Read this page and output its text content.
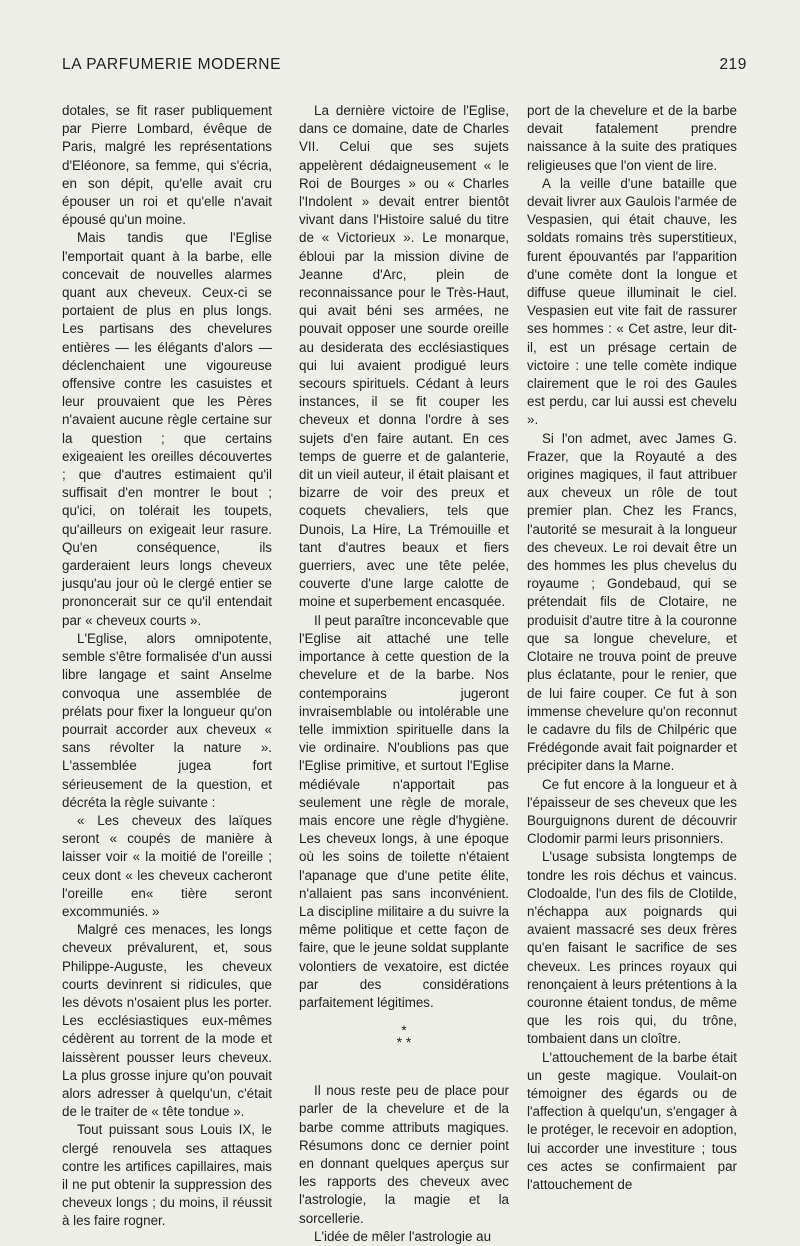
LA PARFUMERIE MODERNE	219

dotales, se fit raser publiquement par Pierre Lombard, évêque de Paris, malgré les représentations d'Eléonore, sa femme, qui s'écria, en son dépit, qu'elle avait cru épouser un roi et qu'elle n'avait épousé qu'un moine.

Mais tandis que l'Eglise l'emportait quant à la barbe, elle concevait de nouvelles alarmes quant aux cheveux. Ceux-ci se portaient de plus en plus longs. Les partisans des chevelures entières — les élégants d'alors — déclenchaient une vigoureuse offensive contre les casuistes et leur prouvaient que les Pères n'avaient aucune règle certaine sur la question ; que certains exigeaient les oreilles découvertes ; que d'autres estimaient qu'il suffisait d'en montrer le bout ; qu'ici, on tolérait les toupets, qu'ailleurs on exigeait leur rasure. Qu'en conséquence, ils garderaient leurs longs cheveux jusqu'au jour où le clergé entier se prononcerait sur ce qu'il entendait par « cheveux courts ».

L'Eglise, alors omnipotente, semble s'être formalisée d'un aussi libre langage et saint Anselme convoqua une assemblée de prélats pour fixer la longueur qu'on pourrait accorder aux cheveux « sans révolter la nature ». L'assemblée jugea fort sérieusement de la question, et décréta la règle suivante :

« Les cheveux des laïques seront « coupés de manière à laisser voir « la moitié de l'oreille ; ceux dont « les cheveux cacheront l'oreille en« tière seront excommuniés. »

Malgré ces menaces, les longs cheveux prévalurent, et, sous Philippe-Auguste, les cheveux courts devinrent si ridicules, que les dévots n'osaient plus les porter. Les ecclésiastiques eux-mêmes cédèrent au torrent de la mode et laissèrent pousser leurs cheveux. La plus grosse injure qu'on pouvait alors adresser à quelqu'un, c'était de le traiter de « tête tondue ».

Tout puissant sous Louis IX, le clergé renouvela ses attaques contre les artifices capillaires, mais il ne put obtenir la suppression des cheveux longs ; du moins, il réussit à les faire rogner.

La dernière victoire de l'Eglise, dans ce domaine, date de Charles VII. Celui que ses sujets appelèrent dédaigneusement « le Roi de Bourges » ou « Charles l'Indolent » devait entrer bientôt vivant dans l'Histoire salué du titre de « Victorieux ». Le monarque, ébloui par la mission divine de Jeanne d'Arc, plein de reconnaissance pour le Très-Haut, qui avait béni ses armées, ne pouvait opposer une sourde oreille au desiderata des ecclésiastiques qui lui avaient prodigué leurs secours spirituels. Cédant à leurs instances, il se fit couper les cheveux et donna l'ordre à ses sujets d'en faire autant. En ces temps de guerre et de galanterie, dit un vieil auteur, il était plaisant et bizarre de voir des preux et coquets chevaliers, tels que Dunois, La Hire, La Trémouille et tant d'autres beaux et fiers guerriers, avec une tête pelée, couverte d'une large calotte de moine et superbement encasquée.

Il peut paraître inconcevable que l'Eglise ait attaché une telle importance à cette question de la chevelure et de la barbe. Nos contemporains jugeront invraisemblable ou intolérable une telle immixtion spirituelle dans la vie ordinaire. N'oublions pas que l'Eglise primitive, et surtout l'Eglise médiévale n'apportait pas seulement une règle de morale, mais encore une règle d'hygiène. Les cheveux longs, à une époque où les soins de toilette n'étaient l'apanage que d'une petite élite, n'allaient pas sans inconvénient. La discipline militaire a du suivre la même politique et cette façon de faire, que le jeune soldat supplante volontiers de vexatoire, est dictée par des considérations parfaitement légitimes.

*
* *

Il nous reste peu de place pour parler de la chevelure et de la barbe comme attributs magiques. Résumons donc ce dernier point en donnant quelques aperçus sur les rapports des cheveux avec l'astrologie, la magie et la sorcellerie.

L'idée de mêler l'astrologie au

port de la chevelure et de la barbe devait fatalement prendre naissance à la suite des pratiques religieuses que l'on vient de lire.

A la veille d'une bataille que devait livrer aux Gaulois l'armée de Vespasien, qui était chauve, les soldats romains très superstitieux, furent épouvantés par l'apparition d'une comète dont la longue et diffuse queue illuminait le ciel. Vespasien eut vite fait de rassurer ses hommes : « Cet astre, leur dit-il, est un présage certain de victoire : une telle comète indique clairement que le roi des Gaules est perdu, car lui aussi est chevelu ».

Si l'on admet, avec James G. Frazer, que la Royauté a des origines magiques, il faut attribuer aux cheveux un rôle de tout premier plan. Chez les Francs, l'autorité se mesurait à la longueur des cheveux. Le roi devait être un des hommes les plus chevelus du royaume ; Gondebaud, qui se prétendait fils de Clotaire, ne produisit d'autre titre à la couronne que sa longue chevelure, et Clotaire ne trouva point de preuve plus éclatante, pour le renier, que de lui faire couper. Ce fut à son immense chevelure qu'on reconnut le cadavre du fils de Chilpéric que Frédégonde avait fait poignarder et précipiter dans la Marne.

Ce fut encore à la longueur et à l'épaisseur de ses cheveux que les Bourguignons durent de découvrir Clodomir parmi leurs prisonniers.

L'usage subsista longtemps de tondre les rois déchus et vaincus. Clodoalde, l'un des fils de Clotilde, n'échappa aux poignards qui avaient massacré ses deux frères qu'en faisant le sacrifice de ses cheveux. Les princes royaux qui renonçaient à leurs prétentions à la couronne étaient tondus, de même que les rois qui, du trône, tombaient dans un cloître.

L'attouchement de la barbe était un geste magique. Voulait-on témoigner des égards ou de l'affection à quelqu'un, s'engager à le protéger, le recevoir en adoption, lui accorder une investiture ; tous ces actes se confirmaient par l'attouchement de
